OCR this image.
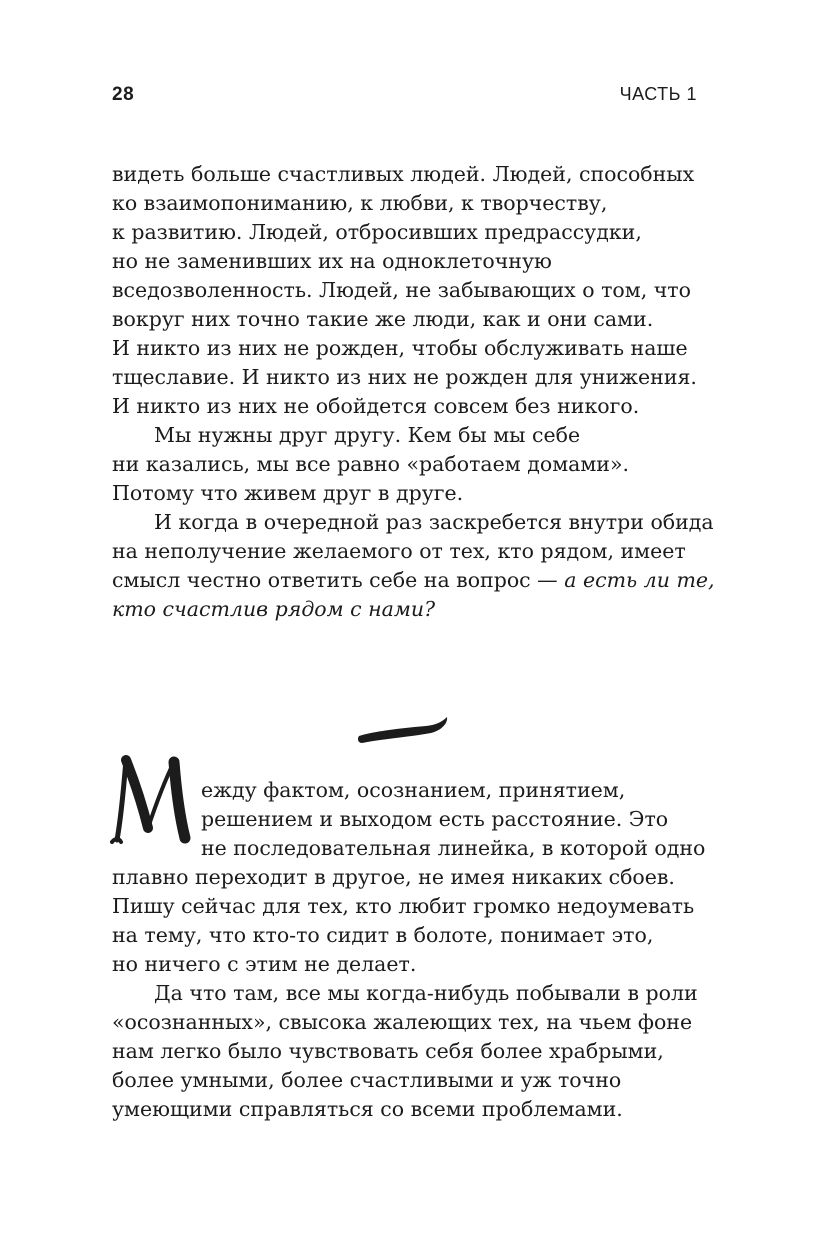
28	ЧАСТЬ 1
видеть больше счастливых людей. Людей, способных
ко взаимопониманию, к любви, к творчеству,
к развитию. Людей, отбросивших предрассудки,
но не заменивших их на одноклеточную
вседозволенность. Людей, не забывающих о том, что
вокруг них точно такие же люди, как и они сами.
И никто из них не рожден, чтобы обслуживать наше
тщеславие. И никто из них не рожден для унижения.
И никто из них не обойдется совсем без никого.
Мы нужны друг другу. Кем бы мы себе
ни казались, мы все равно «работаем домами».
Потому что живем друг в друге.
И когда в очередной раз заскребется внутри обида
на неполучение желаемого от тех, кто рядом, имеет
смысл честно ответить себе на вопрос — а есть ли те,
кто счастлив рядом с нами?
ежду фактом, осознанием, принятием,
решением и выходом есть расстояние. Это
не последовательная линейка, в которой одно
плавно переходит в другое, не имея никаких сбоев.
Пишу сейчас для тех, кто любит громко недоумевать
на тему, что кто-то сидит в болоте, понимает это,
но ничего с этим не делает.
Да что там, все мы когда-нибудь побывали в роли
«осознанных», свысока жалеющих тех, на чьем фоне
нам легко было чувствовать себя более храбрыми,
более умными, более счастливыми и уж точно
умеющими справляться со всеми проблемами.
